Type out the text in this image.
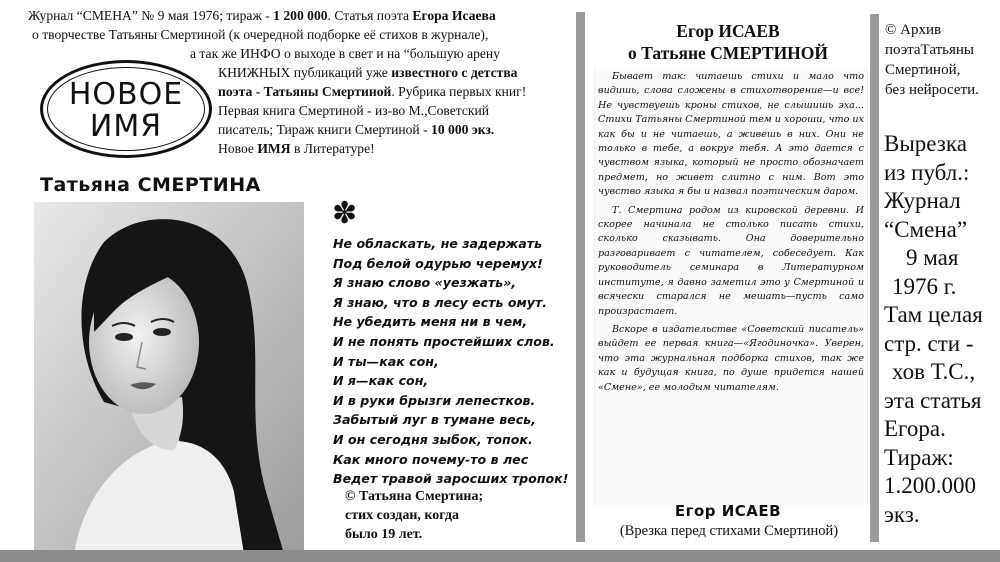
Журнал “СМЕНА” № 9 мая 1976; тираж - 1 200 000. Статья поэта Егора Исаева
о творчестве Татьяны Смертиной (к очередной подборке её стихов в журнале),
а так же ИНФО о выходе в свет и на “большую арену
КНИЖНЫХ публикаций уже известного с детства
поэта - Татьяны Смертиной. Рубрика первых книг!
Первая книга Смертиной - из-во М.,Советский
писатель; Тираж книги Смертиной - 10 000 экз.
Новое ИМЯ в Литературе!
НОВОЕ
ИМЯ
Татьяна СМЕРТИНА
✽
Не обласкать, не задержать
Под белой одурью черемух!
Я знаю слово «уезжать»,
Я знаю, что в лесу есть омут.
Не убедить меня ни в чем,
И не понять простейших слов.
И ты—как сон,
И я—как сон,
И в руки брызги лепестков.
Забытый луг в тумане весь,
И он сегодня зыбок, топок.
Как много почему-то в лес
Ведет травой заросших тропок!
© Татьяна Смертина;
стих создан, когда
было 19 лет.
Егор ИСАЕВ
о Татьяне СМЕРТИНОЙ

Бывает так: читаешь стихи и мало что видишь, слова сложены в стихотворение—и все! Не чувствуешь кроны стихов, не слышишь эха... Стихи Татьяны Смертиной тем и хороши, что их как бы и не читаешь, а живешь в них. Они не только в тебе, а вокруг тебя. А это дается с чувством языка, который не просто обозначает предмет, но живет слитно с ним. Вот это чувство языка я бы и назвал поэтическим даром.

Т. Смертина родом из кировской деревни. И скорее начинала не столько писать стихи, сколько сказывать. Она доверительно разговаривает с читателем, собеседует. Как руководитель семинара в Литературном институте, я давно заметил это у Смертиной и всячески старался не мешать—пусть само произрастает.

Вскоре в издательстве «Советский писатель» выйдет ее первая книга—«Ягодиночка». Уверен, что эта журнальная подборка стихов, так же как и будущая книга, по душе придется нашей «Смене», ее молодым читателям.

Егор ИСАЕВ
(Врезка перед стихами Смертиной)
© Архив
поэтаТатьяны
Смертиной,
без нейросети.
Вырезка
из публ.:
Журнал
“Смена”
9 мая
1976 г.
Там целая
стр. сти -
хов Т.С.,
эта статья
Егора.
Тираж:
1.200.000
экз.
